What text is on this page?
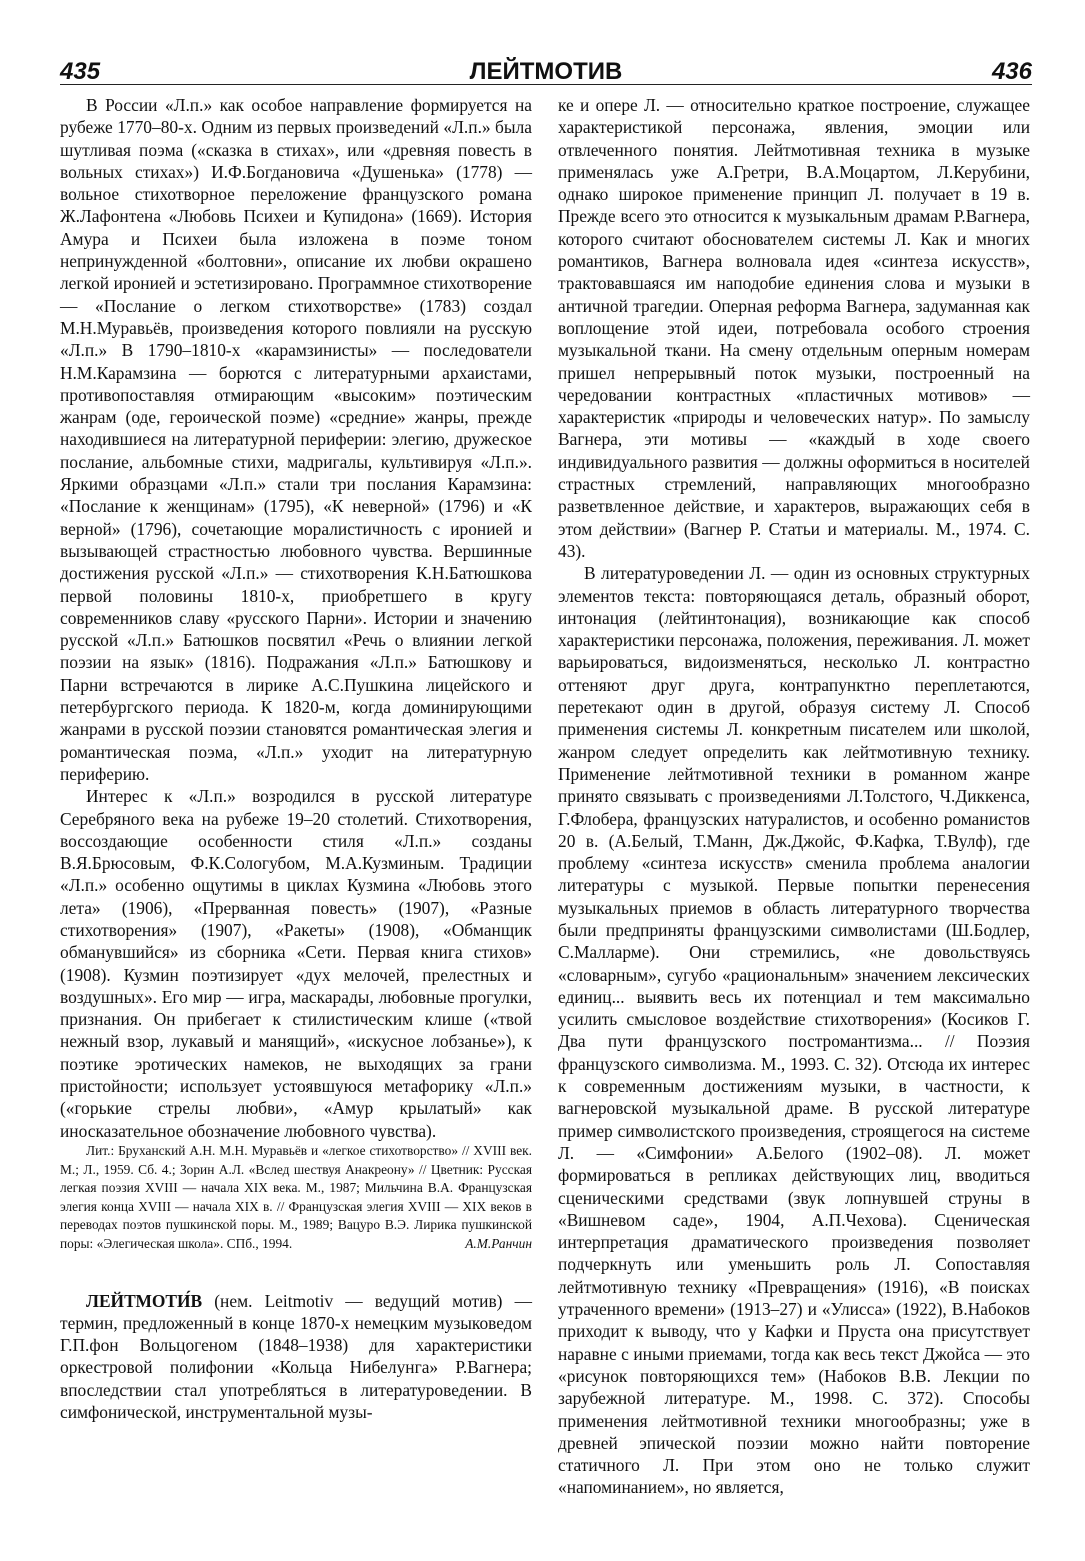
435	ЛЕЙТМОТИВ	436

В России «Л.п.» как особое направление формируется на рубеже 1770–80-х. Одним из первых произведений «Л.п.» была шутливая поэма («сказка в стихах», или «древняя повесть в вольных стихах») И.Ф.Богдановича «Душенька» (1778) — вольное стихотворное переложение французского романа Ж.Лафонтена «Любовь Психеи и Купидона» (1669). История Амура и Психеи была изложена в поэме тоном непринужденной «болтовни», описание их любви окрашено легкой иронией и эстетизировано. Программное стихотворение — «Послание о легком стихотворстве» (1783) создал М.Н.Муравьёв, произведения которого повлияли на русскую «Л.п.» В 1790–1810-х «карамзинисты» — последователи Н.М.Карамзина — борются с литературными архаистами, противопоставляя отмирающим «высоким» поэтическим жанрам (оде, героической поэме) «средние» жанры, прежде находившиеся на литературной периферии: элегию, дружеское послание, альбомные стихи, мадригалы, культивируя «Л.п.». Яркими образцами «Л.п.» стали три послания Карамзина: «Послание к женщинам» (1795), «К неверной» (1796) и «К верной» (1796), сочетающие моралистичность с иронией и вызывающей страстностью любовного чувства. Вершинные достижения русской «Л.п.» — стихотворения К.Н.Батюшкова первой половины 1810-х, приобретшего в кругу современников славу «русского Парни». Истории и значению русской «Л.п.» Батюшков посвятил «Речь о влиянии легкой поэзии на язык» (1816). Подражания «Л.п.» Батюшкову и Парни встречаются в лирике А.С.Пушкина лицейского и петербургского периода. К 1820-м, когда доминирующими жанрами в русской поэзии становятся романтическая элегия и романтическая поэма, «Л.п.» уходит на литературную периферию.

Интерес к «Л.п.» возродился в русской литературе Серебряного века на рубеже 19–20 столетий. Стихотворения, воссоздающие особенности стиля «Л.п.» созданы В.Я.Брюсовым, Ф.К.Сологубом, М.А.Кузминым. Традиции «Л.п.» особенно ощутимы в циклах Кузмина «Любовь этого лета» (1906), «Прерванная повесть» (1907), «Разные стихотворения» (1907), «Ракеты» (1908), «Обманщик обманувшийся» из сборника «Сети. Первая книга стихов» (1908). Кузмин поэтизирует «дух мелочей, прелестных и воздушных». Его мир — игра, маскарады, любовные прогулки, признания. Он прибегает к стилистическим клише («твой нежный взор, лукавый и манящий», «искусное лобзанье»), к поэтике эротических намеков, не выходящих за грани пристойности; использует устоявшуюся метафорику «Л.п.» («горькие стрелы любви», «Амур крылатый» как иносказательное обозначение любовного чувства).

Лит.: Бруханский А.Н. М.Н. Муравьёв и «легкое стихотворство» // XVIII век. М.; Л., 1959. Сб. 4.; Зорин А.Л. «Вслед шествуя Анакреону» // Цветник: Русская легкая поэзия XVIII — начала XIX века. М., 1987; Мильчина В.А. Французская элегия конца XVIII — начала XIX в. // Французская элегия XVIII — XIX веков в переводах поэтов пушкинской поры. М., 1989; Вацуро В.Э. Лирика пушкинской поры: «Элегическая школа». СПб., 1994.	А.М.Ранчин

ЛЕЙТМОТИ́В (нем. Leitmotiv — ведущий мотив) — термин, предложенный в конце 1870-х немецким музыковедом Г.П.фон Вольцогеном (1848–1938) для характеристики оркестровой полифонии «Кольца Нибелунга» Р.Вагнера; впоследствии стал употребляться в литературоведении. В симфонической, инструментальной музы-

ке и опере Л. — относительно краткое построение, служащее характеристикой персонажа, явления, эмоции или отвлеченного понятия. Лейтмотивная техника в музыке применялась уже А.Гретри, В.А.Моцартом, Л.Керубини, однако широкое применение принцип Л. получает в 19 в. Прежде всего это относится к музыкальным драмам Р.Вагнера, которого считают обоснователем системы Л. Как и многих романтиков, Вагнера волновала идея «синтеза искусств», трактовавшаяся им наподобие единения слова и музыки в античной трагедии. Оперная реформа Вагнера, задуманная как воплощение этой идеи, потребовала особого строения музыкальной ткани. На смену отдельным оперным номерам пришел непрерывный поток музыки, построенный на чередовании контрастных «пластичных мотивов» — характеристик «природы и человеческих натур». По замыслу Вагнера, эти мотивы — «каждый в ходе своего индивидуального развития — должны оформиться в носителей страстных стремлений, направляющих многообразно разветвленное действие, и характеров, выражающих себя в этом действии» (Вагнер Р. Статьи и материалы. М., 1974. С. 43).

В литературоведении Л. — один из основных структурных элементов текста: повторяющаяся деталь, образный оборот, интонация (лейтинтонация), возникающие как способ характеристики персонажа, положения, переживания. Л. может варьироваться, видоизменяться, несколько Л. контрастно оттеняют друг друга, контрапунктно переплетаются, перетекают один в другой, образуя систему Л. Способ применения системы Л. конкретным писателем или школой, жанром следует определить как лейтмотивную технику. Применение лейтмотивной техники в романном жанре принято связывать с произведениями Л.Толстого, Ч.Диккенса, Г.Флобера, французских натуралистов, и особенно романистов 20 в. (А.Белый, Т.Манн, Дж.Джойс, Ф.Кафка, Т.Вулф), где проблему «синтеза искусств» сменила проблема аналогии литературы с музыкой. Первые попытки перенесения музыкальных приемов в область литературного творчества были предприняты французскими символистами (Ш.Бодлер, С.Малларме). Они стремились, «не довольствуясь «словарным», сугубо «рациональным» значением лексических единиц... выявить весь их потенциал и тем максимально усилить смысловое воздействие стихотворения» (Косиков Г. Два пути французского постромантизма... // Поэзия французского символизма. М., 1993. С. 32). Отсюда их интерес к современным достижениям музыки, в частности, к вагнеровской музыкальной драме. В русской литературе пример символистского произведения, строящегося на системе Л. — «Симфонии» А.Белого (1902–08). Л. может формироваться в репликах действующих лиц, вводиться сценическими средствами (звук лопнувшей струны в «Вишневом саде», 1904, А.П.Чехова). Сценическая интерпретация драматического произведения позволяет подчеркнуть или уменьшить роль Л. Сопоставляя лейтмотивную технику «Превращения» (1916), «В поисках утраченного времени» (1913–27) и «Улисса» (1922), В.Набоков приходит к выводу, что у Кафки и Пруста она присутствует наравне с иными приемами, тогда как весь текст Джойса — это «рисунок повторяющихся тем» (Набоков В.В. Лекции по зарубежной литературе. М., 1998. С. 372). Способы применения лейтмотивной техники многообразны; уже в древней эпической поэзии можно найти повторение статичного Л. При этом оно не только служит «напоминанием», но является,
